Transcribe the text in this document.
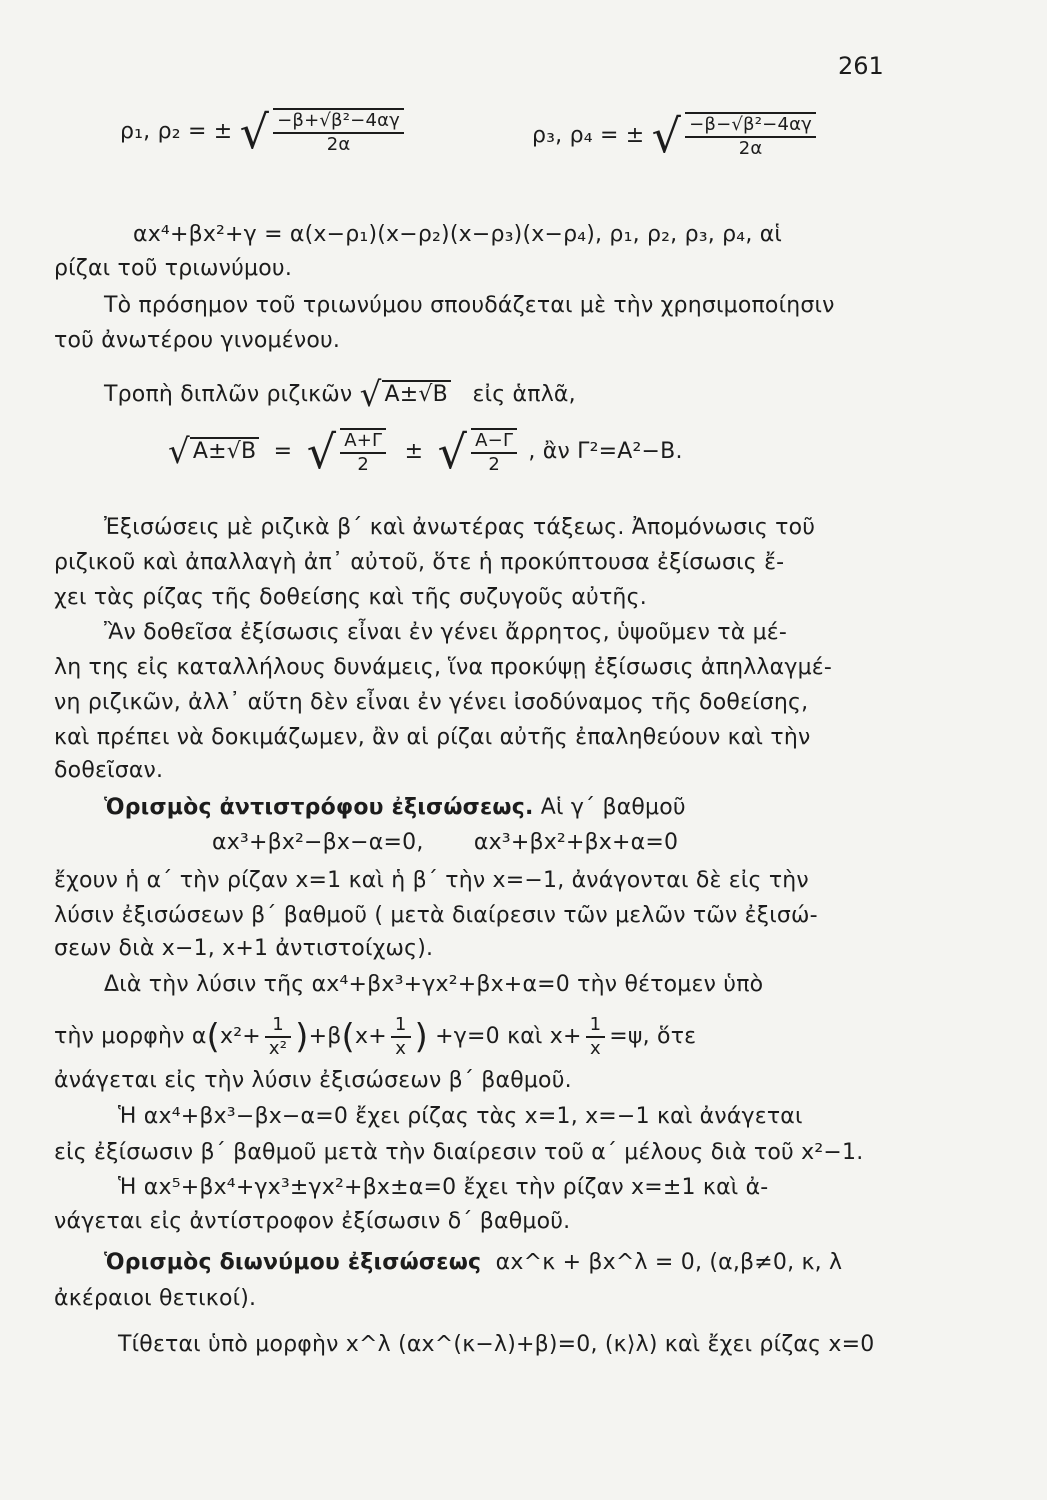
261
ρ₁, ρ₂ = ± √ $\frac{\text{−β+√β²−4αγ}}{2\alpha}$	ρ₃, ρ₄ = ± √ $\frac{\text{−β−√β²−4αγ}}{2\alpha}$
αx⁴+βx²+γ = α(x−ρ₁)(x−ρ₂)(x−ρ₃)(x−ρ₄), ρ₁, ρ₂, ρ₃, ρ₄, αἱ
ρίζαι τοῦ τριωνύμου.
Τὸ πρόσημον τοῦ τριωνύμου σπουδάζεται μὲ τὴν χρησιμοποίησιν
τοῦ ἀνωτέρου γινομένου.
Τροπὴ διπλῶν ριζικῶν √ A±√B εἰς ἁπλᾶ,
√ A±√B  =  √ $\frac{A+\Gamma}{2}$ ±  √ $\frac{A-\Gamma}{2}$ , ἂν Γ²=A²−B.
Ἐξισώσεις μὲ ριζικὰ β΄ καὶ ἀνωτέρας τάξεως. Ἀπομόνωσις τοῦ
ριζικοῦ καὶ ἀπαλλαγὴ ἀπ᾽ αὐτοῦ, ὅτε ἡ προκύπτουσα ἐξίσωσις ἔ-
χει τὰς ρίζας τῆς δοθείσης καὶ τῆς συζυγοῦς αὐτῆς.
Ἂν δοθεῖσα ἐξίσωσις εἶναι ἐν γένει ἄρρητος, ὑψοῦμεν τὰ μέ-
λη της εἰς καταλλήλους δυνάμεις, ἵνα προκύψῃ ἐξίσωσις ἀπηλλαγμέ-
νη ριζικῶν, ἀλλ᾽ αὕτη δὲν εἶναι ἐν γένει ἰσοδύναμος τῆς δοθείσης,
καὶ πρέπει νὰ δοκιμάζωμεν, ἂν αἱ ρίζαι αὐτῆς ἐπαληθεύουν καὶ τὴν
δοθεῖσαν.
Ὁρισμὸς ἀντιστρόφου ἐξισώσεως. Αἱ γ΄ βαθμοῦ
αx³+βx²−βx−α=0, αx³+βx²+βx+α=0
ἔχουν ἡ α΄ τὴν ρίζαν x=1 καὶ ἡ β΄ τὴν x=−1, ἀνάγονται δὲ εἰς τὴν
λύσιν ἐξισώσεων β΄ βαθμοῦ ( μετὰ διαίρεσιν τῶν μελῶν τῶν ἐξισώ-
σεων διὰ x−1, x+1 ἀντιστοίχως).
Διὰ τὴν λύσιν τῆς αx⁴+βx³+γx²+βx+α=0 τὴν θέτομεν ὑπὸ
τὴν μορφὴν $\alpha(x^2+ \frac{1}{\text{x²}} )+\beta(x+ \frac{1}{x}$ ) +γ=0 καὶ $x+ \frac{1}{x} =\psi$, ὅτε
ἀνάγεται εἰς τὴν λύσιν ἐξισώσεων β΄ βαθμοῦ.
Ἡ αx⁴+βx³−βx−α=0 ἔχει ρίζας τὰς x=1, x=−1 καὶ ἀνάγεται
εἰς ἐξίσωσιν β΄ βαθμοῦ μετὰ τὴν διαίρεσιν τοῦ α΄ μέλους διὰ τοῦ x²−1.
Ἡ αx⁵+βx⁴+γx³±γx²+βx±α=0 ἔχει τὴν ρίζαν x=±1 καὶ ἀ-
νάγεται εἰς ἀντίστροφον ἐξίσωσιν δ΄ βαθμοῦ.
Ὁρισμὸς διωνύμου ἐξισώσεως αx^κ + βx^λ = 0, (α,β≠0, κ, λ
ἀκέραιοι θετικοί).
Τίθεται ὑπὸ μορφὴν x^λ (αx^(κ−λ)+β)=0, (κ⟩λ) καὶ ἔχει ρίζας x=0
